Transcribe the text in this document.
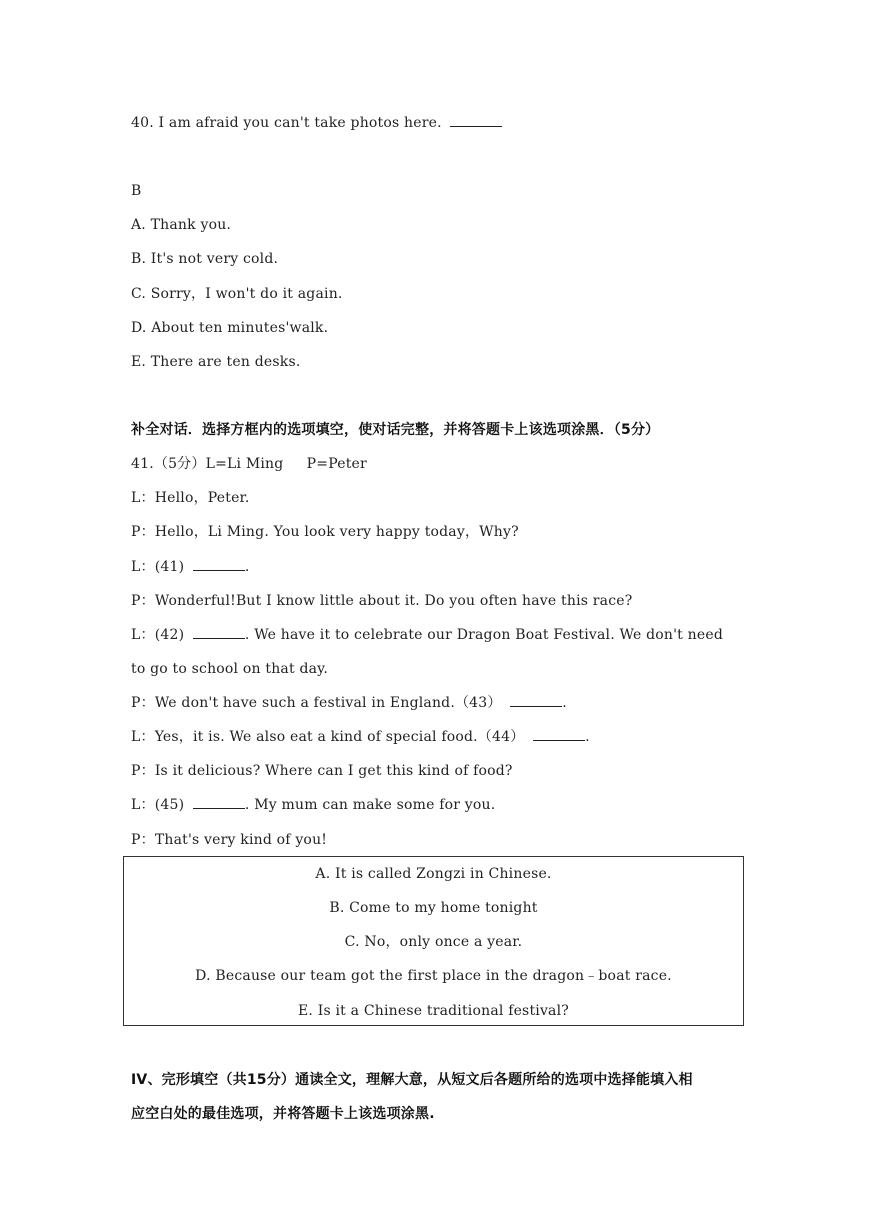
40. I am afraid you can't take photos here.
B
A. Thank you.
B. It's not very cold.
C. Sorry，I won't do it again.
D. About ten minutes'walk.
E. There are ten desks.
补全对话．选择方框内的选项填空，使对话完整，并将答题卡上该选项涂黑．（5分）
41.（5分）L=Li Ming     P=Peter
L：Hello，Peter.
P：Hello，Li Ming. You look very happy today，Why?
L：(41)	.
P：Wonderful!But I know little about it. Do you often have this race?
L：(42)	. We have it to celebrate our Dragon Boat Festival. We don't need
to go to school on that day.
P：We don't have such a festival in England.（43）	.
L：Yes，it is. We also eat a kind of special food.（44）	.
P：Is it delicious? Where can I get this kind of food?
L：(45)	. My mum can make some for you.
P：That's very kind of you!
A. It is called Zongzi in Chinese.
B. Come to my home tonight
C. No，only once a year.
D. Because our team got the first place in the dragon﹣boat race.
E. Is it a Chinese traditional festival?
IV、完形填空（共15分）通读全文，理解大意，从短文后各题所给的选项中选择能填入相
应空白处的最佳选项，并将答题卡上该选项涂黑.
